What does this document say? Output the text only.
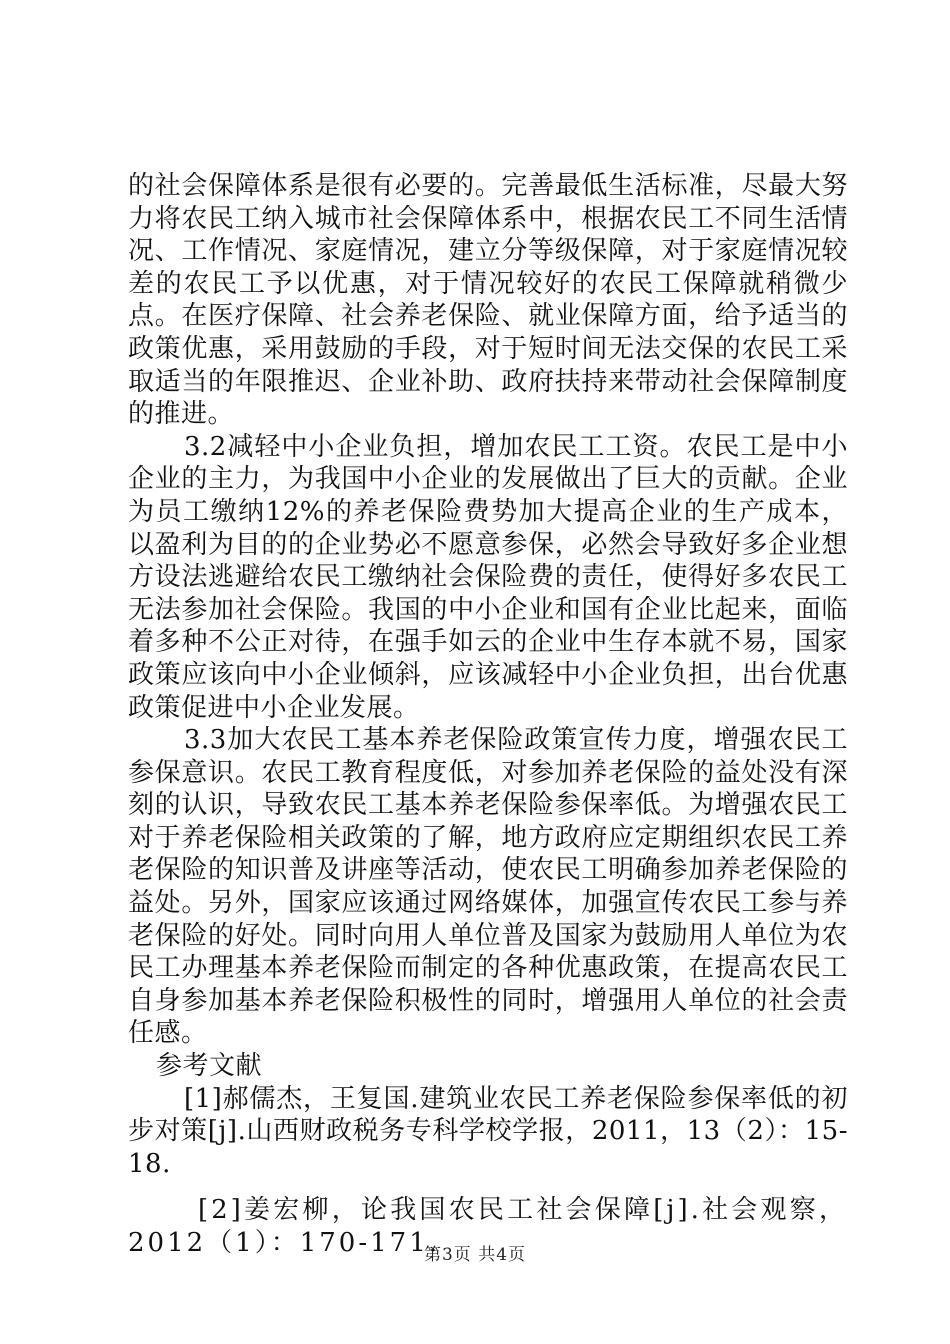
的社会保障体系是很有必要的。完善最低生活标准，尽最大努力将农民工纳入城市社会保障体系中，根据农民工不同生活情况、工作情况、家庭情况，建立分等级保障，对于家庭情况较差的农民工予以优惠，对于情况较好的农民工保障就稍微少点。在医疗保障、社会养老保险、就业保障方面，给予适当的政策优惠，采用鼓励的手段，对于短时间无法交保的农民工采取适当的年限推迟、企业补助、政府扶持来带动社会保障制度的推进。

3.2减轻中小企业负担，增加农民工工资。农民工是中小企业的主力，为我国中小企业的发展做出了巨大的贡献。企业为员工缴纳12%的养老保险费势加大提高企业的生产成本，以盈利为目的的企业势必不愿意参保，必然会导致好多企业想方设法逃避给农民工缴纳社会保险费的责任，使得好多农民工无法参加社会保险。我国的中小企业和国有企业比起来，面临着多种不公正对待，在强手如云的企业中生存本就不易，国家政策应该向中小企业倾斜，应该减轻中小企业负担，出台优惠政策促进中小企业发展。

3.3加大农民工基本养老保险政策宣传力度，增强农民工参保意识。农民工教育程度低，对参加养老保险的益处没有深刻的认识，导致农民工基本养老保险参保率低。为增强农民工对于养老保险相关政策的了解，地方政府应定期组织农民工养老保险的知识普及讲座等活动，使农民工明确参加养老保险的益处。另外，国家应该通过网络媒体，加强宣传农民工参与养老保险的好处。同时向用人单位普及国家为鼓励用人单位为农民工办理基本养老保险而制定的各种优惠政策，在提高农民工自身参加基本养老保险积极性的同时，增强用人单位的社会责任感。

参考文献

[1]郝儒杰，王复国.建筑业农民工养老保险参保率低的初步对策[j].山西财政税务专科学校学报，2011，13（2）：15-18.

[2]姜宏柳，论我国农民工社会保障[j].社会观察，2012（1）：170-171.

第3页 共4页
